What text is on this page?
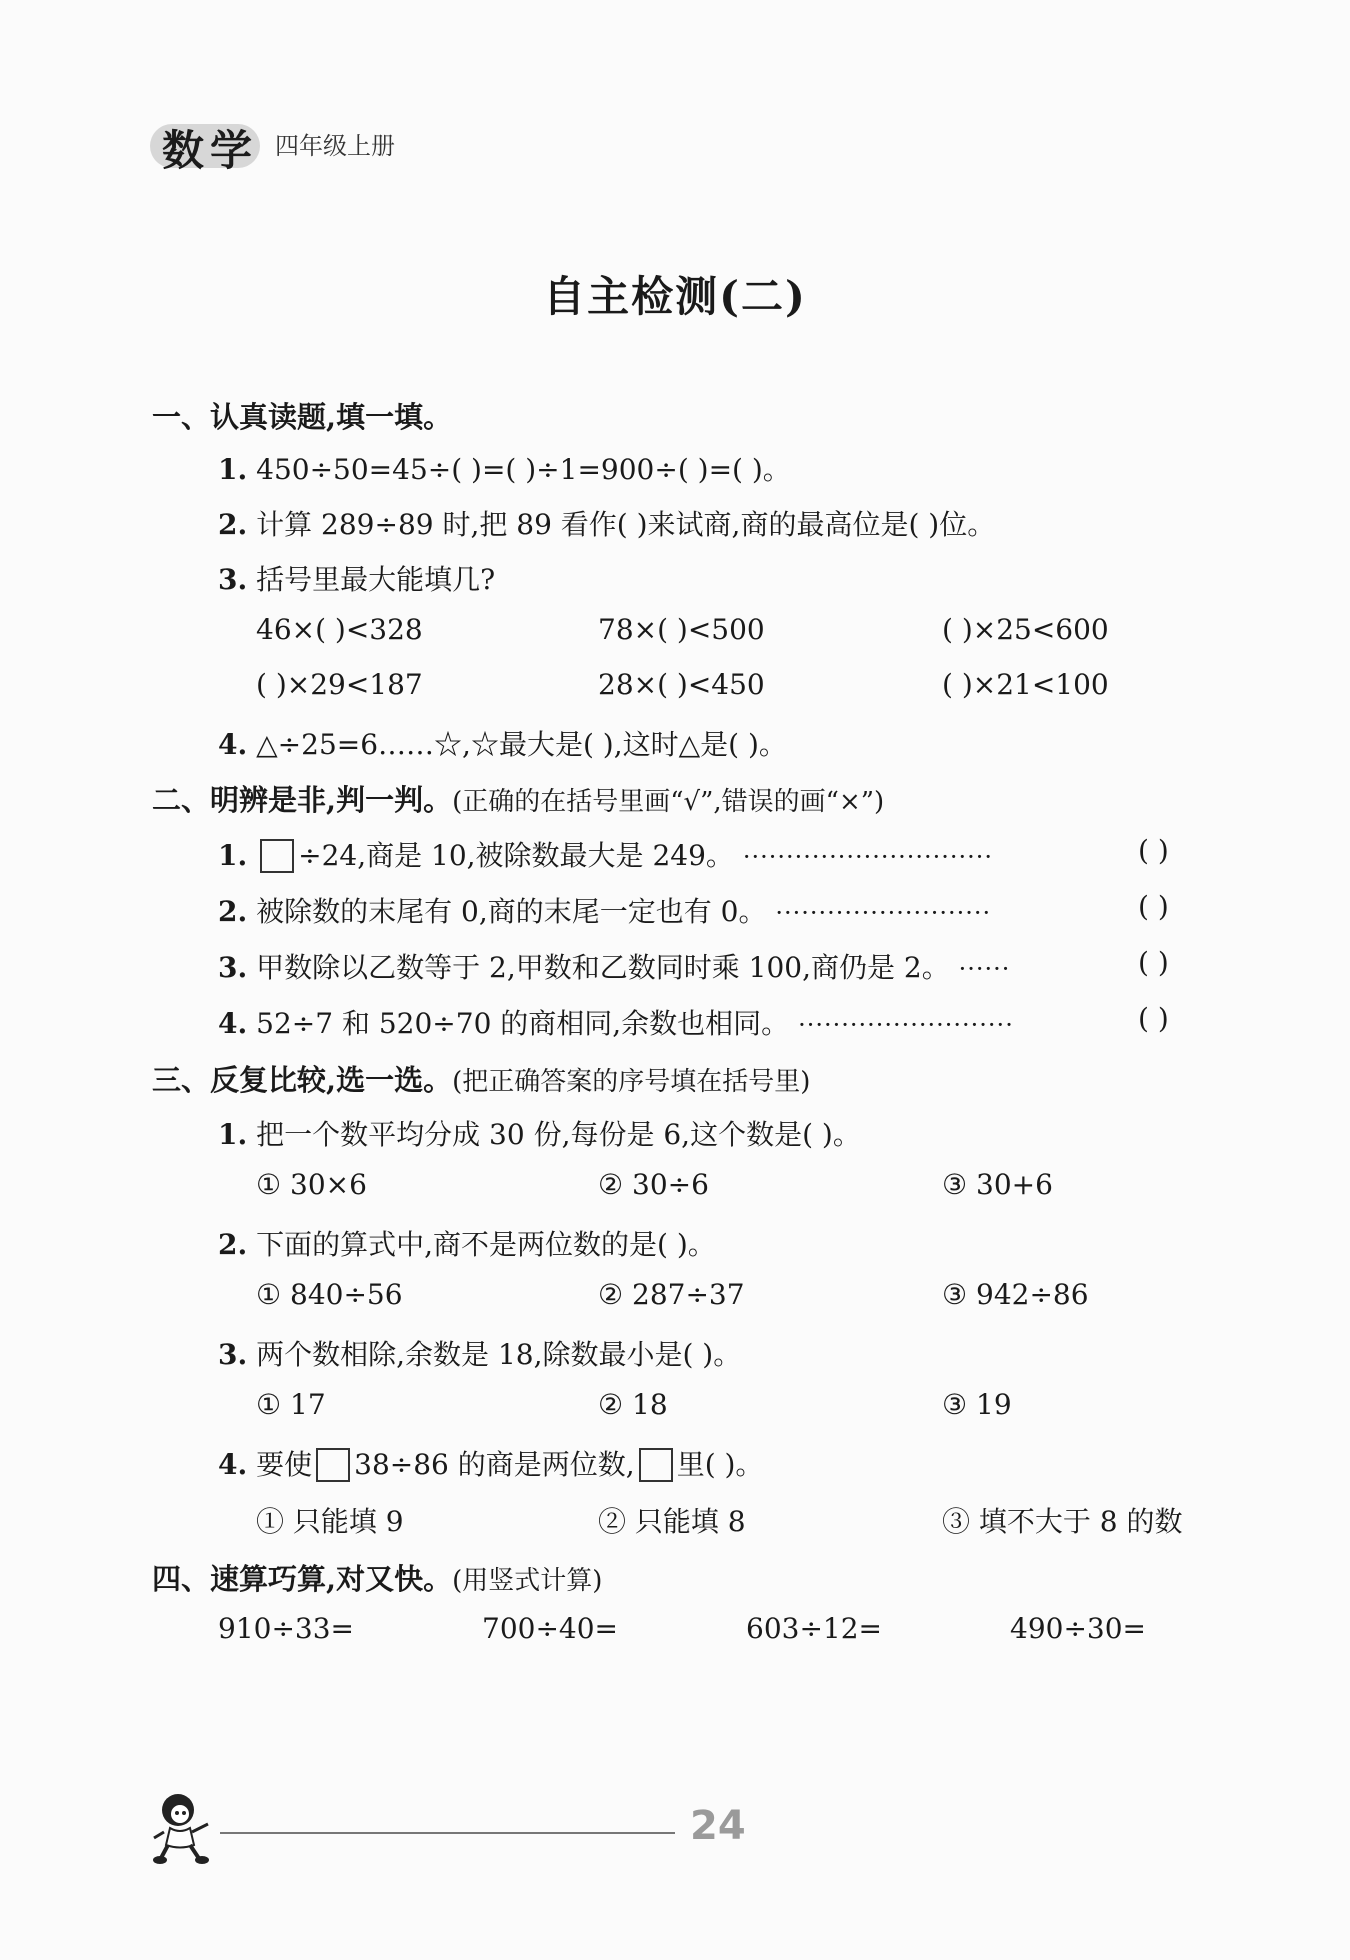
数学 四年级上册
自主检测(二)
一、认真读题,填一填。
1. 450÷50=45÷( )=( )÷1=900÷( )=( )。
2. 计算 289÷89 时,把 89 看作( )来试商,商的最高位是( )位。
3. 括号里最大能填几?
46×( )<328	78×( )<500	( )×25<600
( )×29<187	28×( )<450	( )×21<100
4. △÷25=6……☆,☆最大是( ),这时△是( )。
二、明辨是非,判一判。(正确的在括号里画“√”,错误的画“×”)
1. ÷24,商是 10,被除数最大是 249。 ·····························	( )
2. 被除数的末尾有 0,商的末尾一定也有 0。 ·························	( )
3. 甲数除以乙数等于 2,甲数和乙数同时乘 100,商仍是 2。 ······	( )
4. 52÷7 和 520÷70 的商相同,余数也相同。 ·························	( )
三、反复比较,选一选。(把正确答案的序号填在括号里)
1. 把一个数平均分成 30 份,每份是 6,这个数是( )。
① 30×6	② 30÷6	③ 30+6
2. 下面的算式中,商不是两位数的是( )。
① 840÷56	② 287÷37	③ 942÷86
3. 两个数相除,余数是 18,除数最小是( )。
① 17	② 18	③ 19
4. 要使 38÷86 的商是两位数, 里( )。
① 只能填 9	② 只能填 8	③ 填不大于 8 的数
四、速算巧算,对又快。(用竖式计算)
910÷33=	700÷40=	603÷12=	490÷30=
24
